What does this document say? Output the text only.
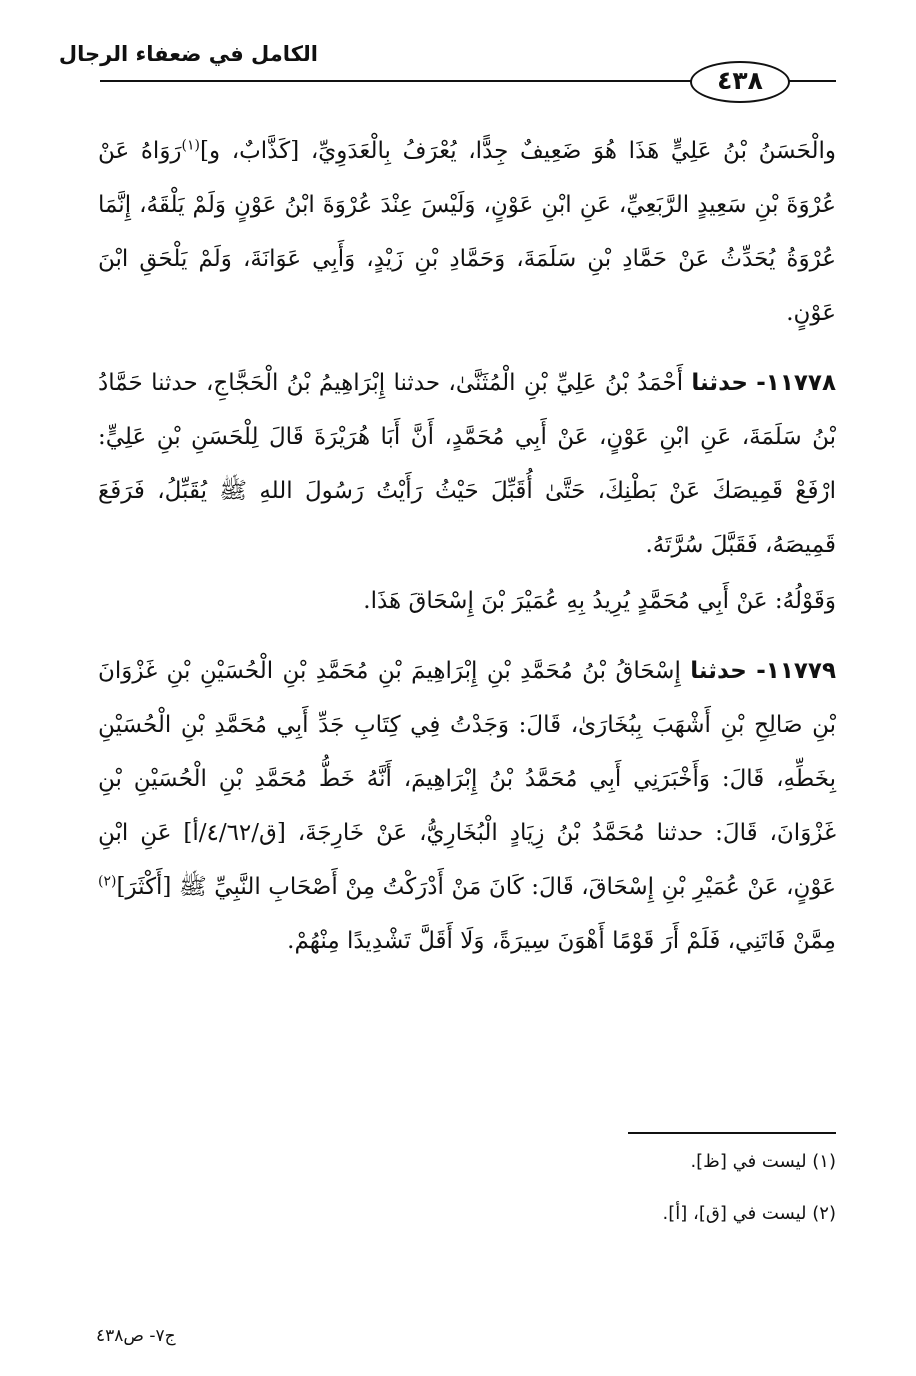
الكامل في ضعفاء الرجال
٤٣٨

والْحَسَنُ بْنُ عَلِيٍّ هَذَا هُوَ ضَعِيفٌ جِدًّا، يُعْرَفُ بِالْعَدَوِيِّ، [كَذَّابٌ، و]$^{(١)}$رَوَاهُ عَنْ عُرْوَةَ بْنِ سَعِيدٍ الرَّبَعِيِّ، عَنِ ابْنِ عَوْنٍ، وَلَيْسَ عِنْدَ عُرْوَةَ ابْنُ عَوْنٍ وَلَمْ يَلْقَهُ، إِنَّمَا عُرْوَةُ يُحَدِّثُ عَنْ حَمَّادِ بْنِ سَلَمَةَ، وَحَمَّادِ بْنِ زَيْدٍ، وَأَبِي عَوَانَةَ، وَلَمْ يَلْحَقِ ابْنَ عَوْنٍ.

١١٧٧٨- حدثنا أَحْمَدُ بْنُ عَلِيِّ بْنِ الْمُثَنَّىٰ، حدثنا إِبْرَاهِيمُ بْنُ الْحَجَّاجِ، حدثنا حَمَّادُ بْنُ سَلَمَةَ، عَنِ ابْنِ عَوْنٍ، عَنْ أَبِي مُحَمَّدٍ، أَنَّ أَبَا هُرَيْرَةَ قَالَ لِلْحَسَنِ بْنِ عَلِيٍّ: ارْفَعْ قَمِيصَكَ عَنْ بَطْنِكَ، حَتَّىٰ أُقَبِّلَ حَيْثُ رَأَيْتُ رَسُولَ اللهِ ﷺ يُقَبِّلُ، فَرَفَعَ قَمِيصَهُ، فَقَبَّلَ سُرَّتَهُ.

وَقَوْلُهُ: عَنْ أَبِي مُحَمَّدٍ يُرِيدُ بِهِ عُمَيْرَ بْنَ إِسْحَاقَ هَذَا.

١١٧٧٩- حدثنا إِسْحَاقُ بْنُ مُحَمَّدِ بْنِ إِبْرَاهِيمَ بْنِ مُحَمَّدِ بْنِ الْحُسَيْنِ بْنِ غَزْوَانَ بْنِ صَالِحِ بْنِ أَشْهَبَ بِبُخَارَىٰ، قَالَ: وَجَدْتُ فِي كِتَابِ جَدِّ أَبِي مُحَمَّدِ بْنِ الْحُسَيْنِ بِخَطِّهِ، قَالَ: وَأَخْبَرَنِي أَبِي مُحَمَّدُ بْنُ إِبْرَاهِيمَ، أَنَّهُ خَطُّ مُحَمَّدِ بْنِ الْحُسَيْنِ بْنِ غَزْوَانَ، قَالَ: حدثنا مُحَمَّدُ بْنُ زِيَادٍ الْبُخَارِيُّ، عَنْ خَارِجَةَ، [ق/٤/٦٢/أ] عَنِ ابْنِ عَوْنٍ، عَنْ عُمَيْرِ بْنِ إِسْحَاقَ، قَالَ: كَانَ مَنْ أَدْرَكْتُ مِنْ أَصْحَابِ النَّبِيِّ ﷺ [أَكْثَرَ]$^{(٢)}$ مِمَّنْ فَاتَنِي، فَلَمْ أَرَ قَوْمًا أَهْوَنَ سِيرَةً، وَلَا أَقَلَّ تَشْدِيدًا مِنْهُمْ.

(١) ليست في [ظ].

(٢) ليست في [ق]، [أ].

ج٧- ص٤٣٨
